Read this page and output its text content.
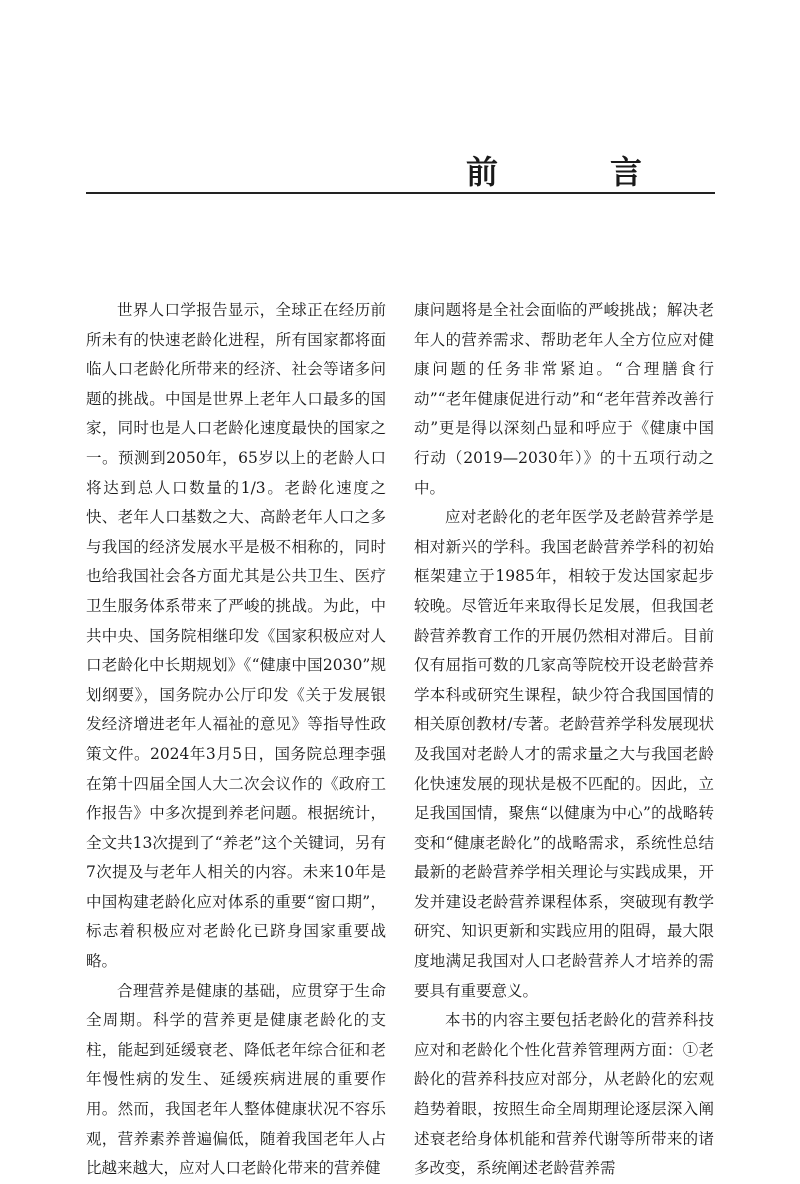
前　言

世界人口学报告显示，全球正在经历前所未有的快速老龄化进程，所有国家都将面临人口老龄化所带来的经济、社会等诸多问题的挑战。中国是世界上老年人口最多的国家，同时也是人口老龄化速度最快的国家之一。预测到2050年，65岁以上的老龄人口将达到总人口数量的1/3。老龄化速度之快、老年人口基数之大、高龄老年人口之多与我国的经济发展水平是极不相称的，同时也给我国社会各方面尤其是公共卫生、医疗卫生服务体系带来了严峻的挑战。为此，中共中央、国务院相继印发《国家积极应对人口老龄化中长期规划》《“健康中国2030”规划纲要》，国务院办公厅印发《关于发展银发经济增进老年人福祉的意见》等指导性政策文件。2024年3月5日，国务院总理李强在第十四届全国人大二次会议作的《政府工作报告》中多次提到养老问题。根据统计，全文共13次提到了“养老”这个关键词，另有7次提及与老年人相关的内容。未来10年是中国构建老龄化应对体系的重要“窗口期”，标志着积极应对老龄化已跻身国家重要战略。

合理营养是健康的基础，应贯穿于生命全周期。科学的营养更是健康老龄化的支柱，能起到延缓衰老、降低老年综合征和老年慢性病的发生、延缓疾病进展的重要作用。然而，我国老年人整体健康状况不容乐观，营养素养普遍偏低，随着我国老年人占比越来越大，应对人口老龄化带来的营养健

康问题将是全社会面临的严峻挑战；解决老年人的营养需求、帮助老年人全方位应对健康问题的任务非常紧迫。“合理膳食行动”“老年健康促进行动”和“老年营养改善行动”更是得以深刻凸显和呼应于《健康中国行动（2019—2030年）》的十五项行动之中。

应对老龄化的老年医学及老龄营养学是相对新兴的学科。我国老龄营养学科的初始框架建立于1985年，相较于发达国家起步较晚。尽管近年来取得长足发展，但我国老龄营养教育工作的开展仍然相对滞后。目前仅有屈指可数的几家高等院校开设老龄营养学本科或研究生课程，缺少符合我国国情的相关原创教材/专著。老龄营养学科发展现状及我国对老龄人才的需求量之大与我国老龄化快速发展的现状是极不匹配的。因此，立足我国国情，聚焦“以健康为中心”的战略转变和“健康老龄化”的战略需求，系统性总结最新的老龄营养学相关理论与实践成果，开发并建设老龄营养课程体系，突破现有教学研究、知识更新和实践应用的阻碍，最大限度地满足我国对人口老龄营养人才培养的需要具有重要意义。

本书的内容主要包括老龄化的营养科技应对和老龄化个性化营养管理两方面：①老龄化的营养科技应对部分，从老龄化的宏观趋势着眼，按照生命全周期理论逐层深入阐述衰老给身体机能和营养代谢等所带来的诸多改变，系统阐述老龄营养需
